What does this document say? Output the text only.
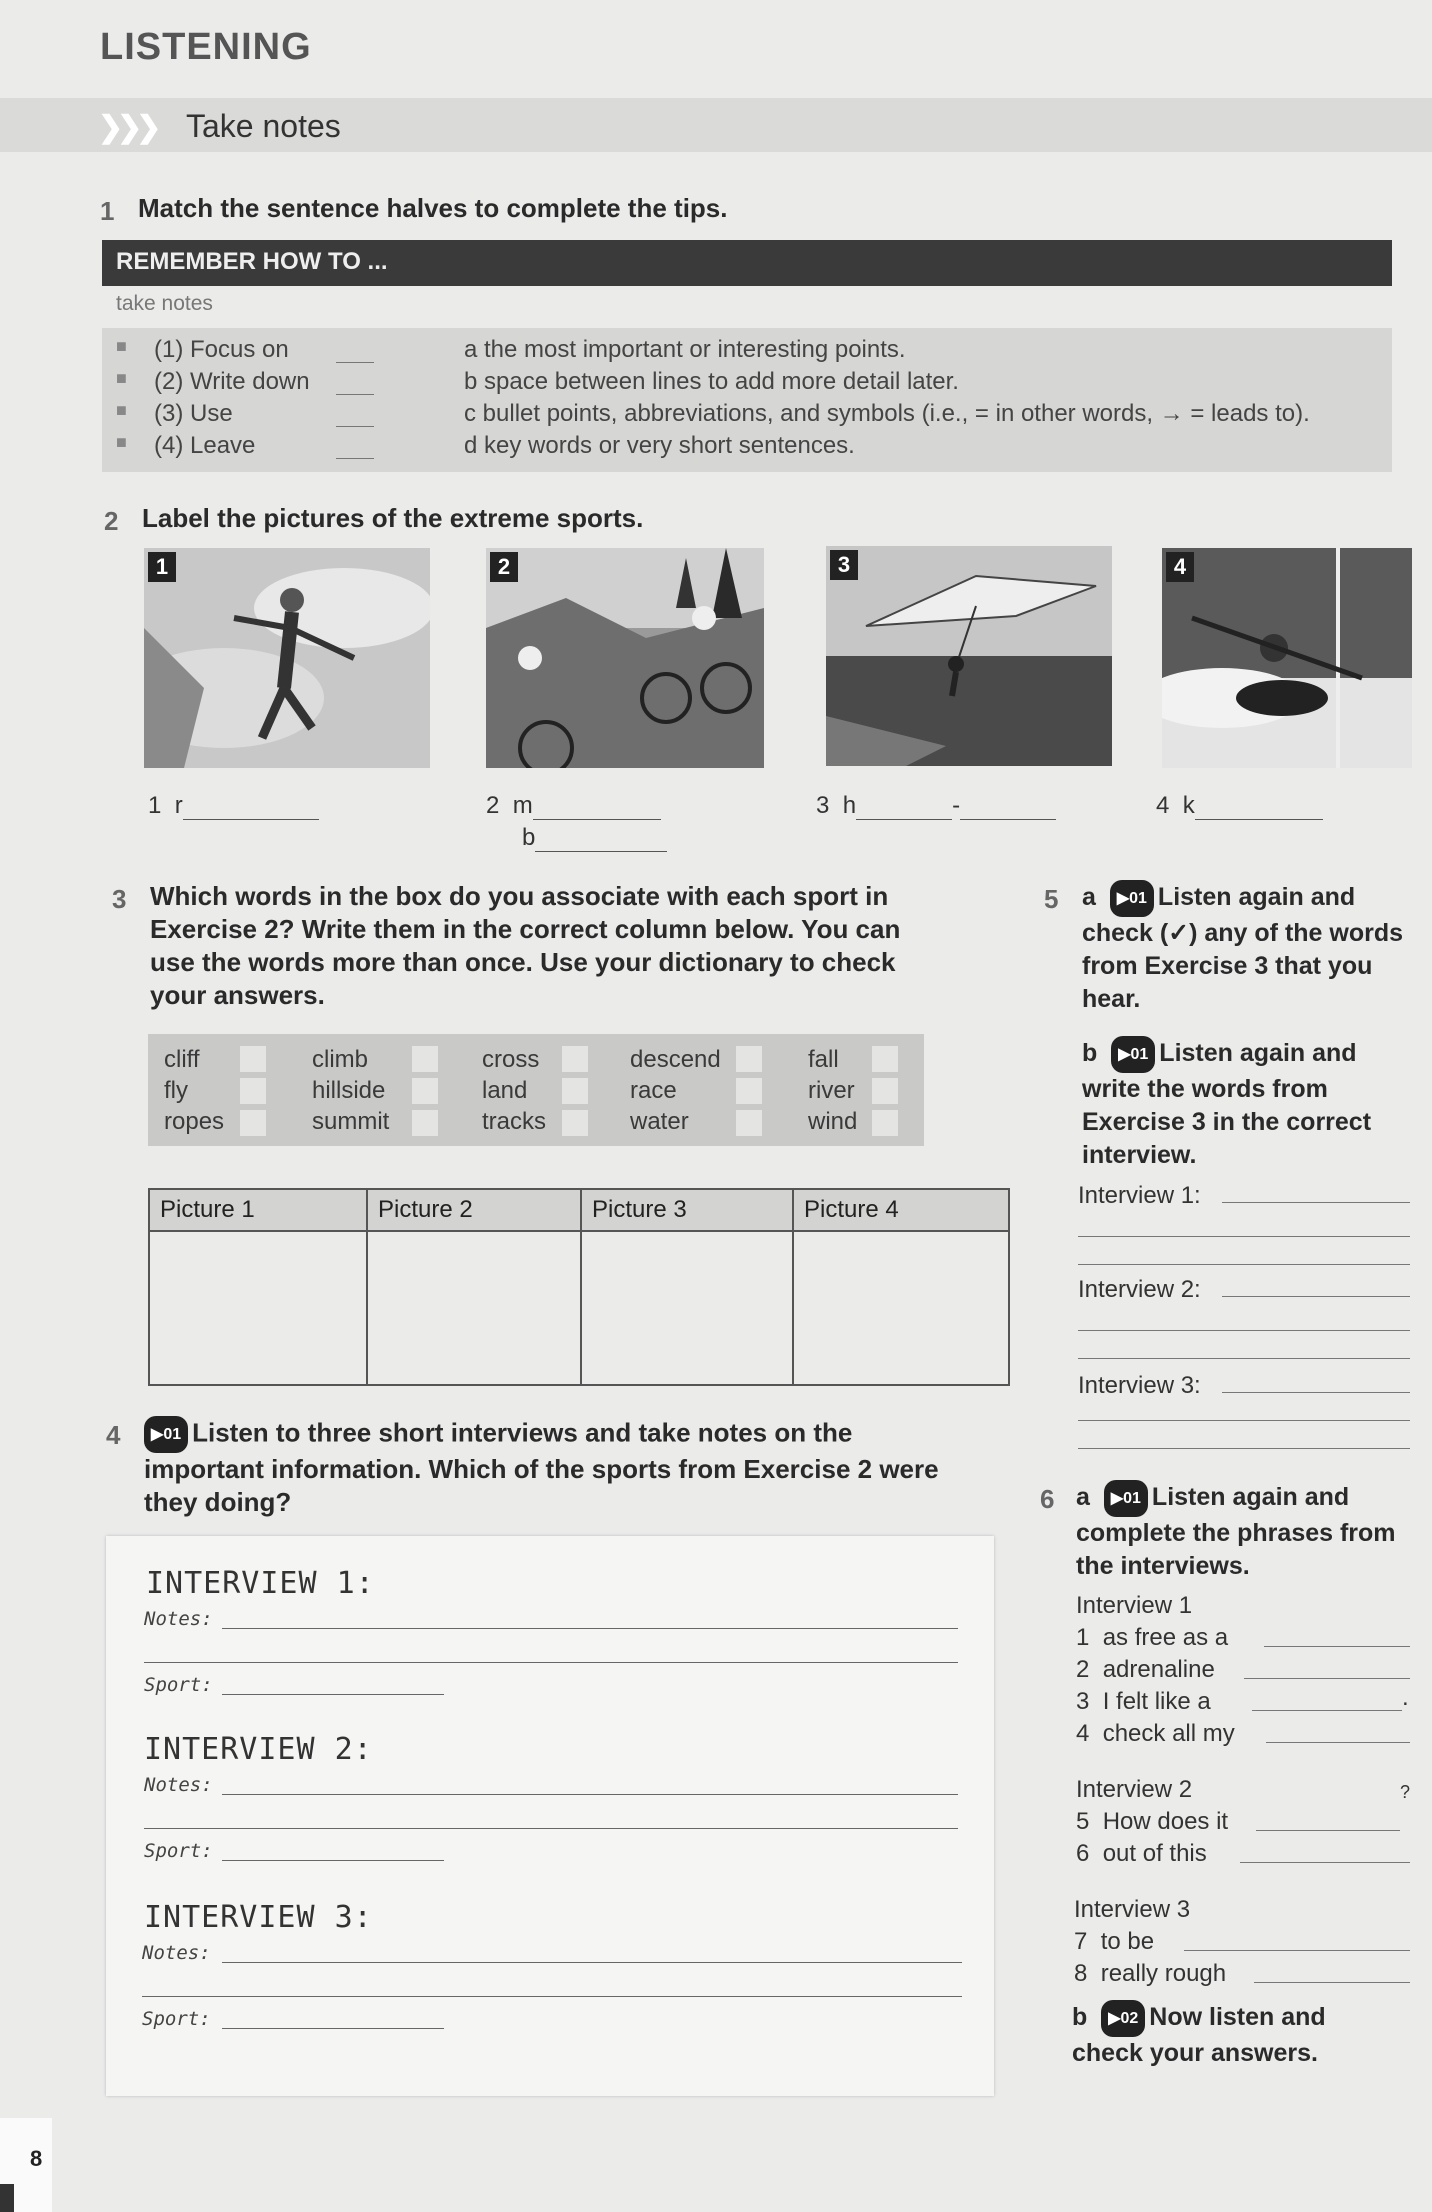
LISTENING
❯❯❯ Take notes
1 Match the sentence halves to complete the tips.
REMEMBER HOW TO ...
take notes
■ (1) Focus on	a the most important or interesting points.
■ (2) Write down	b space between lines to add more detail later.
■ (3) Use	c bullet points, abbreviations, and symbols (i.e., = in other words, → = leads to).
■ (4) Leave	d key words or very short sentences.
2 Label the pictures of the extreme sports.
1	2	3	4
1 r	2 m
b
3 h	-	4 k
3 Which words in the box do you associate with each sport in
Exercise 2? Write them in the correct column below. You can
use the words more than once. Use your dictionary to check
your answers.
cliff	climb	cross	descend	fall
fly	hillside	land	race	river
ropes	summit	tracks	water	wind
Picture 1	Picture 2	Picture 3	Picture 4

4	▶01 Listen to three short interviews and take notes on the
important information. Which of the sports from Exercise 2 were
they doing?
INTERVIEW 1:
Notes:
Sport:
INTERVIEW 2:
Notes:
Sport:
INTERVIEW 3:
Notes:
Sport:
5 a ▶01 Listen again and
check (✓) any of the words
from Exercise 3 that you
hear.
b ▶01 Listen again and
write the words from
Exercise 3 in the correct
interview.
Interview 1:
Interview 2:
Interview 3:
6 a ▶01 Listen again and
complete the phrases from
the interviews.
Interview 1
1 as free as a
2 adrenaline
3 I felt like a	.
4 check all my
Interview 2
5 How does it
?
6 out of this
Interview 3
7 to be
8 really rough
b ▶02 Now listen and
check your answers.
8
